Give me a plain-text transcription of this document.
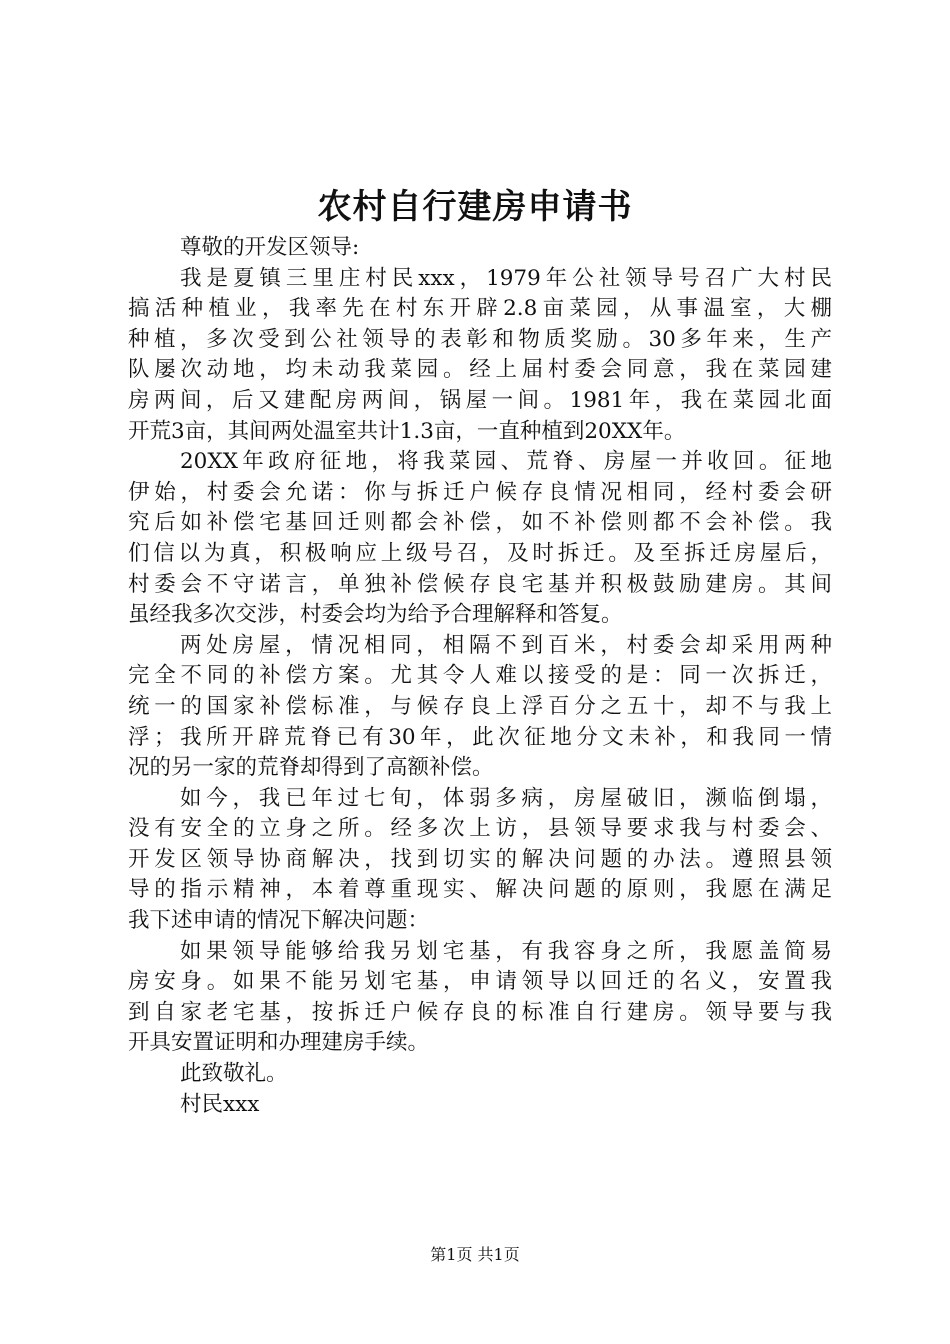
农村自行建房申请书
尊敬的开发区领导:
我是夏镇三里庄村民xxx，1979年公社领导号召广大村民
搞活种植业，我率先在村东开辟2.8亩菜园，从事温室，大棚
种植，多次受到公社领导的表彰和物质奖励。30多年来，生产
队屡次动地，均未动我菜园。经上届村委会同意，我在菜园建
房两间，后又建配房两间，锅屋一间。1981年，我在菜园北面
开荒3亩，其间两处温室共计1.3亩，一直种植到20XX年。
20XX年政府征地，将我菜园、荒脊、房屋一并收回。征地
伊始，村委会允诺：你与拆迁户候存良情况相同，经村委会研
究后如补偿宅基回迁则都会补偿，如不补偿则都不会补偿。我
们信以为真，积极响应上级号召，及时拆迁。及至拆迁房屋后，
村委会不守诺言，单独补偿候存良宅基并积极鼓励建房。其间
虽经我多次交涉，村委会均为给予合理解释和答复。
两处房屋，情况相同，相隔不到百米，村委会却采用两种
完全不同的补偿方案。尤其令人难以接受的是：同一次拆迁，
统一的国家补偿标准，与候存良上浮百分之五十，却不与我上
浮；我所开辟荒脊已有30年，此次征地分文未补，和我同一情
况的另一家的荒脊却得到了高额补偿。
如今，我已年过七旬，体弱多病，房屋破旧，濒临倒塌，
没有安全的立身之所。经多次上访，县领导要求我与村委会、
开发区领导协商解决，找到切实的解决问题的办法。遵照县领
导的指示精神，本着尊重现实、解决问题的原则，我愿在满足
我下述申请的情况下解决问题：
如果领导能够给我另划宅基，有我容身之所，我愿盖简易
房安身。如果不能另划宅基，申请领导以回迁的名义，安置我
到自家老宅基，按拆迁户候存良的标准自行建房。领导要与我
开具安置证明和办理建房手续。
此致敬礼。
村民xxx
第1页 共1页
